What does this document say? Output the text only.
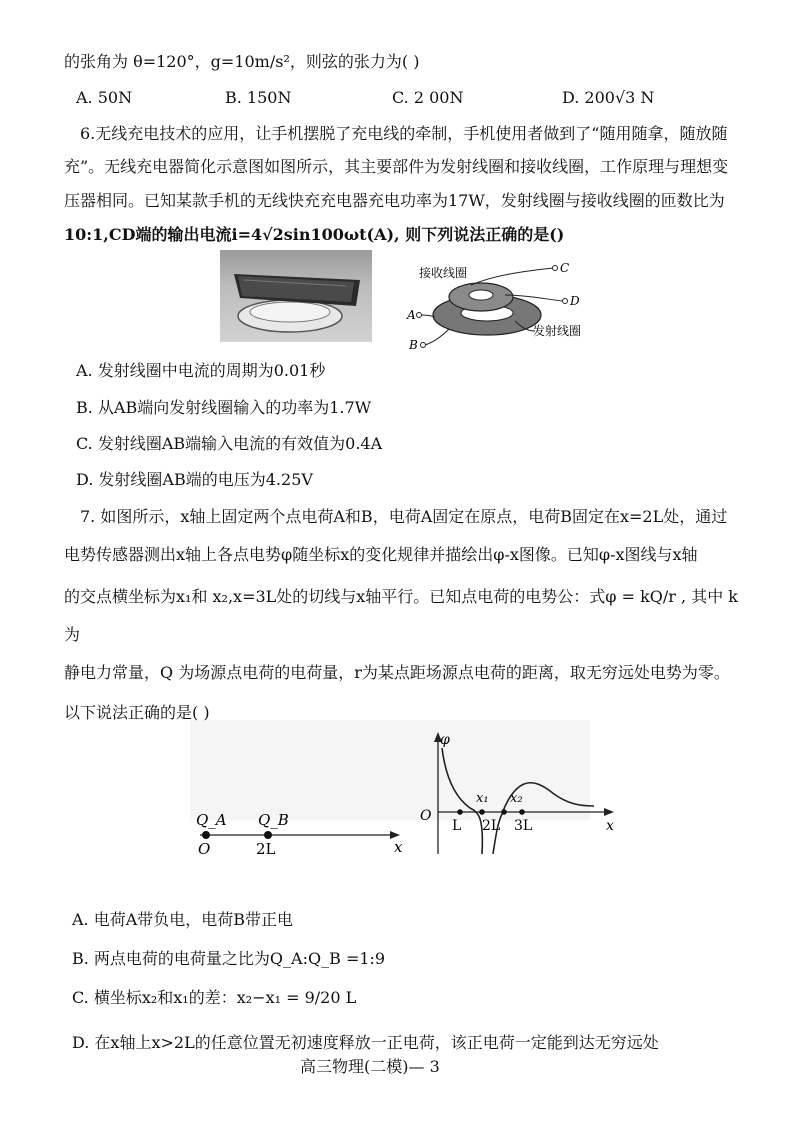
的张角为 θ=120°，g=10m/s²，则弦的张力为( )
A. 50N	B. 150N	C. 2 00N	D. 200√3 N
6.无线充电技术的应用，让手机摆脱了充电线的牵制，手机使用者做到了“随用随拿，随放随
充”。无线充电器简化示意图如图所示，其主要部件为发射线圈和接收线圈，工作原理与理想变
压器相同。已知某款手机的无线快充充电器充电功率为17W，发射线圈与接收线圈的匝数比为
10:1,CD端的输出电流i=4√2sin100ωt(A), 则下列说法正确的是()
接收线圈
发射线圈
C
D
A
B
A. 发射线圈中电流的周期为0.01秒
B. 从AB端向发射线圈输入的功率为1.7W
C. 发射线圈AB端输入电流的有效值为0.4A
D. 发射线圈AB端的电压为4.25V
7. 如图所示，x轴上固定两个点电荷A和B，电荷A固定在原点，电荷B固定在x=2L处，通过
电势传感器测出x轴上各点电势φ随坐标x的变化规律并描绘出φ-x图像。已知φ-x图线与x轴
的交点横坐标为x₁和 x₂,x=3L处的切线与x轴平行。已知点电荷的电势公：式φ = kQ/r , 其中 k
为
静电力常量，Q 为场源点电荷的电荷量，r为某点距场源点电荷的距离，取无穷远处电势为零。
以下说法正确的是( )
Q_A Q_B
O	2L	x
φ
O
x
L 2L 3L
x₁ x₂
A. 电荷A带负电，电荷B带正电
B. 两点电荷的电荷量之比为Q_A:Q_B =1:9
C. 横坐标x₂和x₁的差：x₂−x₁ = 9/20 L
D. 在x轴上x>2L的任意位置无初速度释放一正电荷，该正电荷一定能到达无穷远处
高三物理(二模)— 3
